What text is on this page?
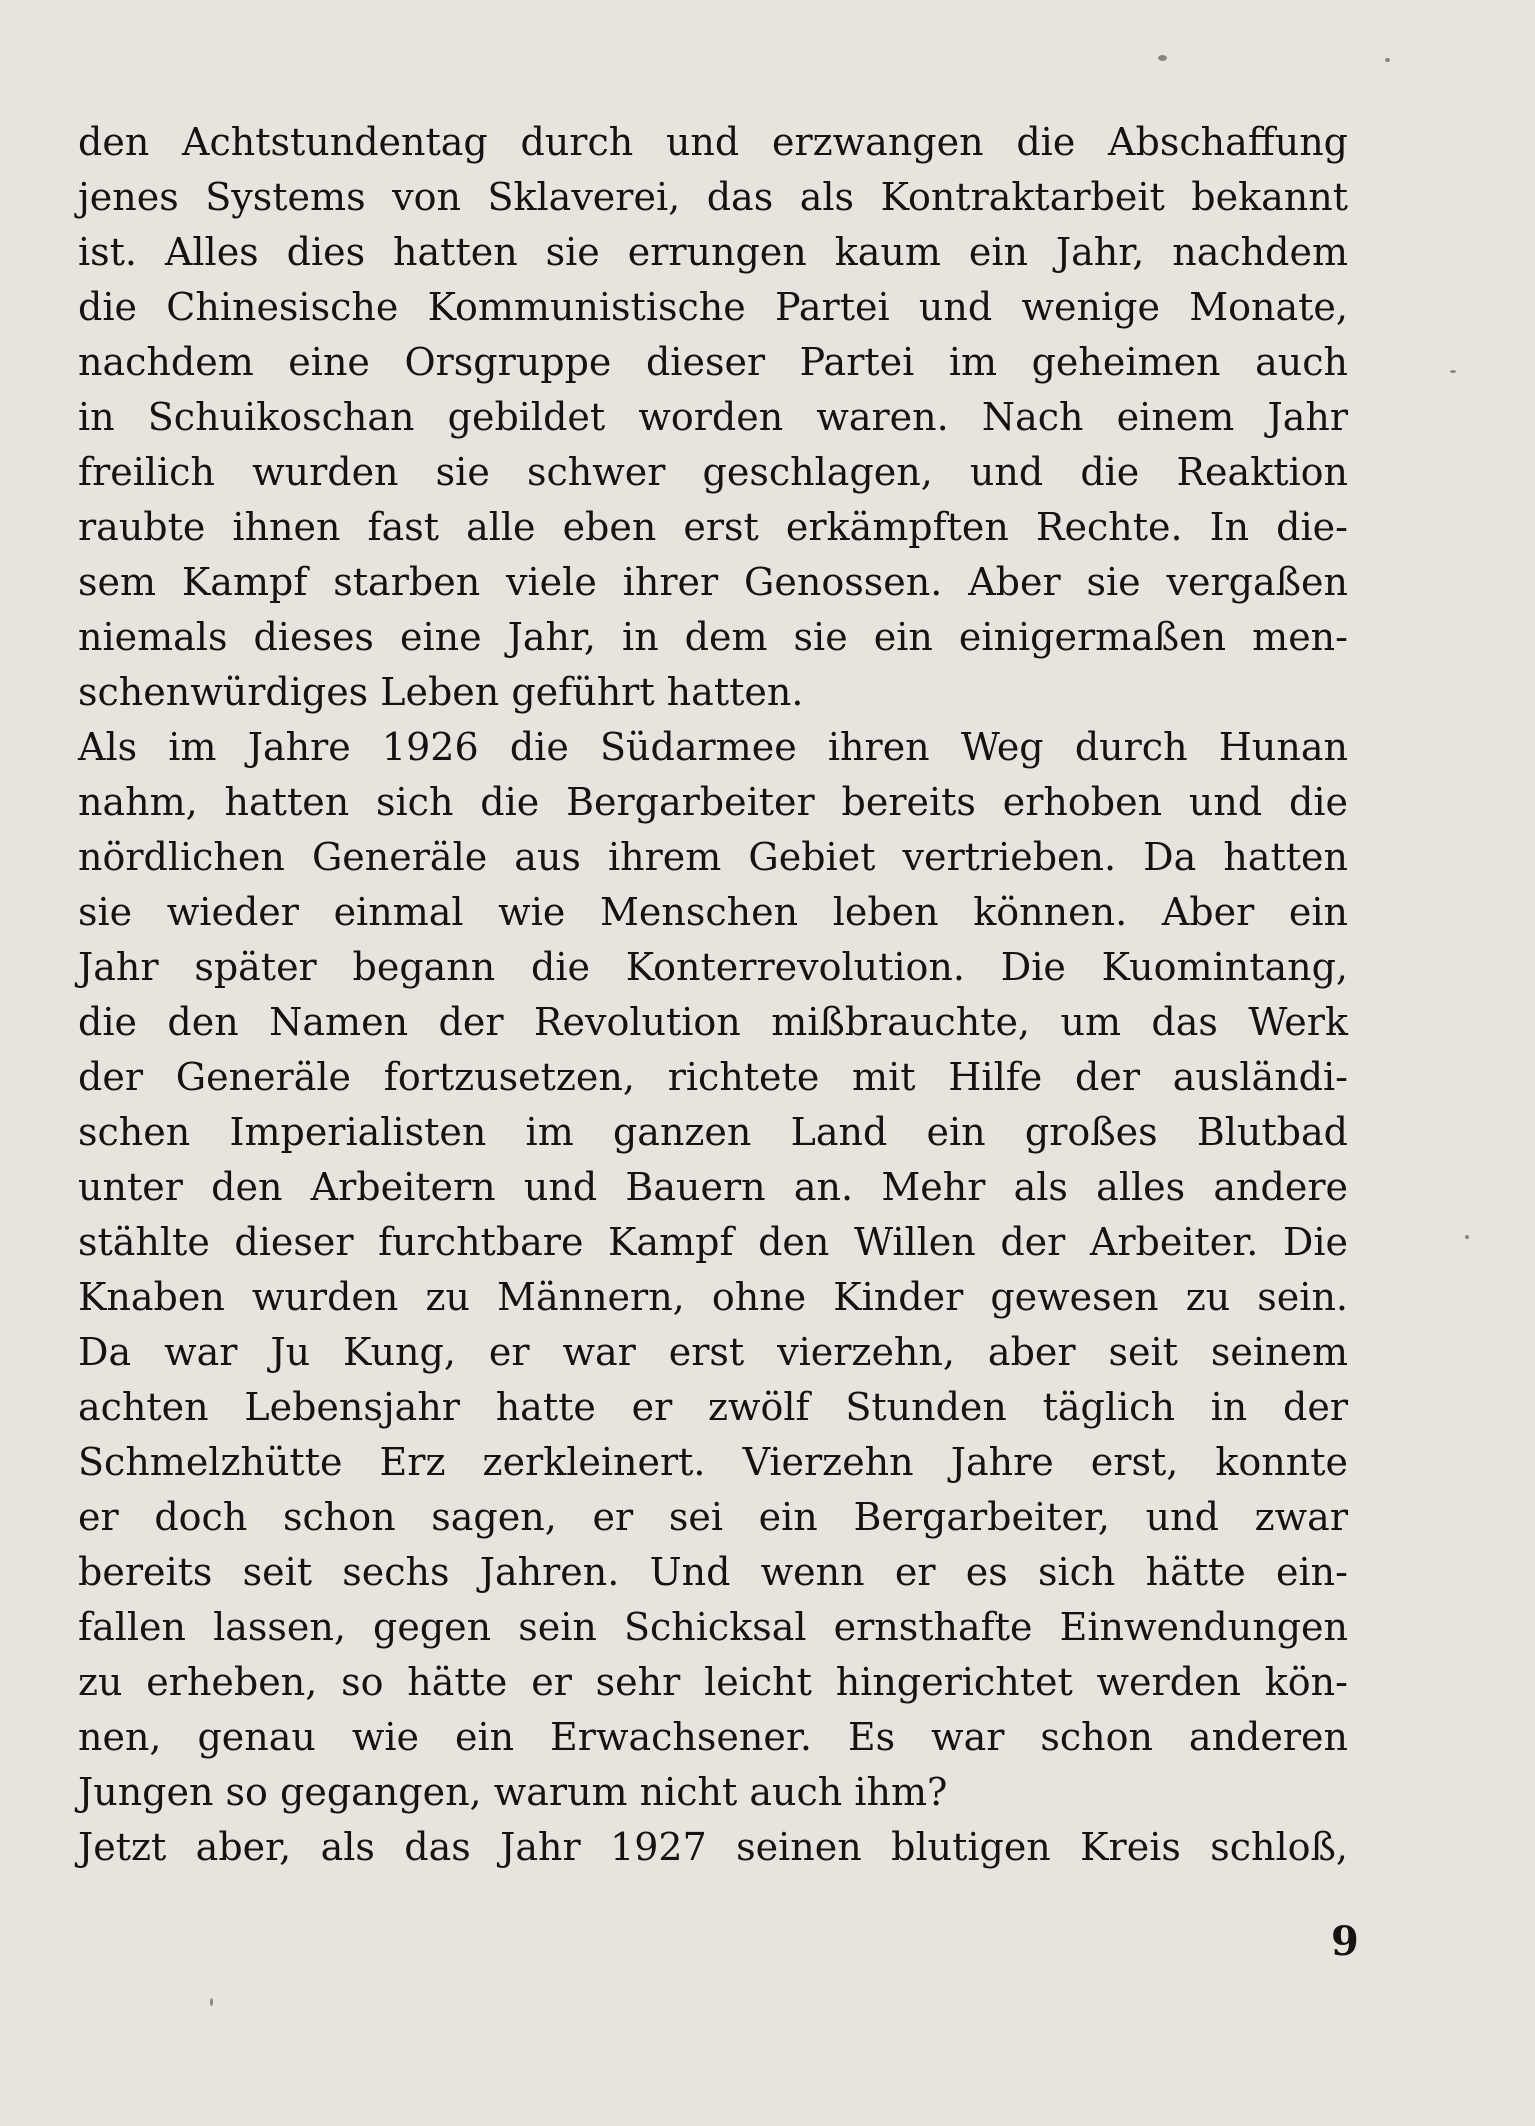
den Achtstundentag durch und erzwangen die Abschaffung
jenes Systems von Sklaverei, das als Kontraktarbeit bekannt
ist. Alles dies hatten sie errungen kaum ein Jahr, nachdem
die Chinesische Kommunistische Partei und wenige Monate,
nachdem eine Orsgruppe dieser Partei im geheimen auch
in Schuikoschan gebildet worden waren. Nach einem Jahr
freilich wurden sie schwer geschlagen, und die Reaktion
raubte ihnen fast alle eben erst erkämpften Rechte. In die-
sem Kampf starben viele ihrer Genossen. Aber sie vergaßen
niemals dieses eine Jahr, in dem sie ein einigermaßen men-
schenwürdiges Leben geführt hatten.
Als im Jahre 1926 die Südarmee ihren Weg durch Hunan
nahm, hatten sich die Bergarbeiter bereits erhoben und die
nördlichen Generäle aus ihrem Gebiet vertrieben. Da hatten
sie wieder einmal wie Menschen leben können. Aber ein
Jahr später begann die Konterrevolution. Die Kuomintang,
die den Namen der Revolution mißbrauchte, um das Werk
der Generäle fortzusetzen, richtete mit Hilfe der ausländi-
schen Imperialisten im ganzen Land ein großes Blutbad
unter den Arbeitern und Bauern an. Mehr als alles andere
stählte dieser furchtbare Kampf den Willen der Arbeiter. Die
Knaben wurden zu Männern, ohne Kinder gewesen zu sein.
Da war Ju Kung, er war erst vierzehn, aber seit seinem
achten Lebensjahr hatte er zwölf Stunden täglich in der
Schmelzhütte Erz zerkleinert. Vierzehn Jahre erst, konnte
er doch schon sagen, er sei ein Bergarbeiter, und zwar
bereits seit sechs Jahren. Und wenn er es sich hätte ein-
fallen lassen, gegen sein Schicksal ernsthafte Einwendungen
zu erheben, so hätte er sehr leicht hingerichtet werden kön-
nen, genau wie ein Erwachsener. Es war schon anderen
Jungen so gegangen, warum nicht auch ihm?
Jetzt aber, als das Jahr 1927 seinen blutigen Kreis schloß,
9
